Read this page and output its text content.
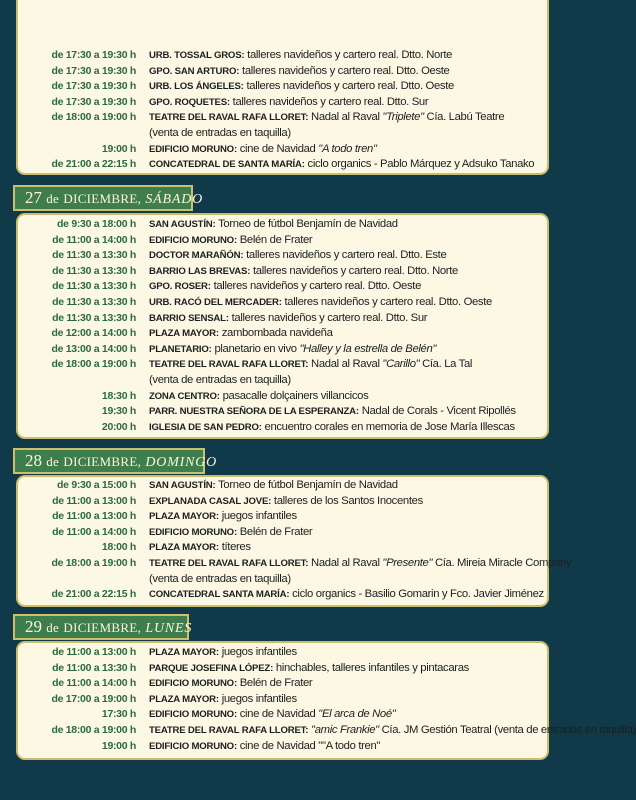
de 17:30 a 19:30 h	URB. TOSSAL GROS: talleres navideños y cartero real. Dtto. Norte
de 17:30 a 19:30 h	GPO. SAN ARTURO: talleres navideños y cartero real. Dtto. Oeste
de 17:30 a 19:30 h	URB. LOS ÁNGELES: talleres navideños y cartero real. Dtto. Oeste
de 17:30 a 19:30 h	GPO. ROQUETES: talleres navideños y cartero real. Dtto. Sur
de 18:00 a 19:00 h	TEATRE DEL RAVAL RAFA LLORET: Nadal al Raval "Triplete" Cía. Labú Teatre
(venta de entradas en taquilla)
19:00 h	EDIFICIO MORUNO: cine de Navidad "A todo tren"
de 21:00 a 22:15 h	CONCATEDRAL DE SANTA MARÍA: ciclo organics - Pablo Márquez y Adsuko Tanako
27 de DICIEMBRE, SÁBADO
de 9:30 a 18:00 h	SAN AGUSTÍN: Torneo de fútbol Benjamín de Navidad
de 11:00 a 14:00 h	EDIFICIO MORUNO: Belén de Frater
de 11:30 a 13:30 h	DOCTOR MARAÑÓN: talleres navideños y cartero real. Dtto. Este
de 11:30 a 13:30 h	BARRIO LAS BREVAS: talleres navideños y cartero real. Dtto. Norte
de 11:30 a 13:30 h	GPO. ROSER: talleres navideños y cartero real. Dtto. Oeste
de 11:30 a 13:30 h	URB. RACÓ DEL MERCADER: talleres navideños y cartero real. Dtto. Oeste
de 11:30 a 13:30 h	BARRIO SENSAL: talleres navideños y cartero real. Dtto. Sur
de 12:00 a 14:00 h	PLAZA MAYOR: zambombada navideña
de 13:00 a 14:00 h	PLANETARIO: planetario en vivo "Halley y la estrella de Belén"
de 18:00 a 19:00 h	TEATRE DEL RAVAL RAFA LLORET: Nadal al Raval "Carillo" Cía. La Tal
(venta de entradas en taquilla)
18:30 h	ZONA CENTRO: pasacalle dolçainers villancicos
19:30 h	PARR. NUESTRA SEÑORA DE LA ESPERANZA: Nadal de Corals - Vicent Ripollés
20:00 h	IGLESIA DE SAN PEDRO: encuentro corales en memoria de Jose María Illescas
28 de DICIEMBRE, DOMINGO
de 9:30 a 15:00 h	SAN AGUSTÍN: Torneo de fútbol Benjamín de Navidad
de 11:00 a 13:00 h	EXPLANADA CASAL JOVE: talleres de los Santos Inocentes
de 11:00 a 13:00 h	PLAZA MAYOR: juegos infantiles
de 11:00 a 14:00 h	EDIFICIO MORUNO: Belén de Frater
18:00 h	PLAZA MAYOR: títeres
de 18:00 a 19:00 h	TEATRE DEL RAVAL RAFA LLORET: Nadal al Raval "Presente" Cía. Mireia Miracle Company
(venta de entradas en taquilla)
de 21:00 a 22:15 h	CONCATEDRAL SANTA MARÍA: ciclo organics - Basilio Gomarin y Fco. Javier Jiménez
29 de DICIEMBRE, LUNES
de 11:00 a 13:00 h	PLAZA MAYOR: juegos infantiles
de 11:00 a 13:30 h	PARQUE JOSEFINA LÓPEZ: hinchables, talleres infantiles y pintacaras
de 11:00 a 14:00 h	EDIFICIO MORUNO: Belén de Frater
de 17:00 a 19:00 h	PLAZA MAYOR: juegos infantiles
17:30 h	EDIFICIO MORUNO: cine de Navidad "El arca de Noé"
de 18:00 a 19:00 h	TEATRE DEL RAVAL RAFA LLORET: "amic Frankie" Cía. JM Gestión Teatral (venta de entradas en taquilla)
19:00 h	EDIFICIO MORUNO: cine de Navidad ""A todo tren"
